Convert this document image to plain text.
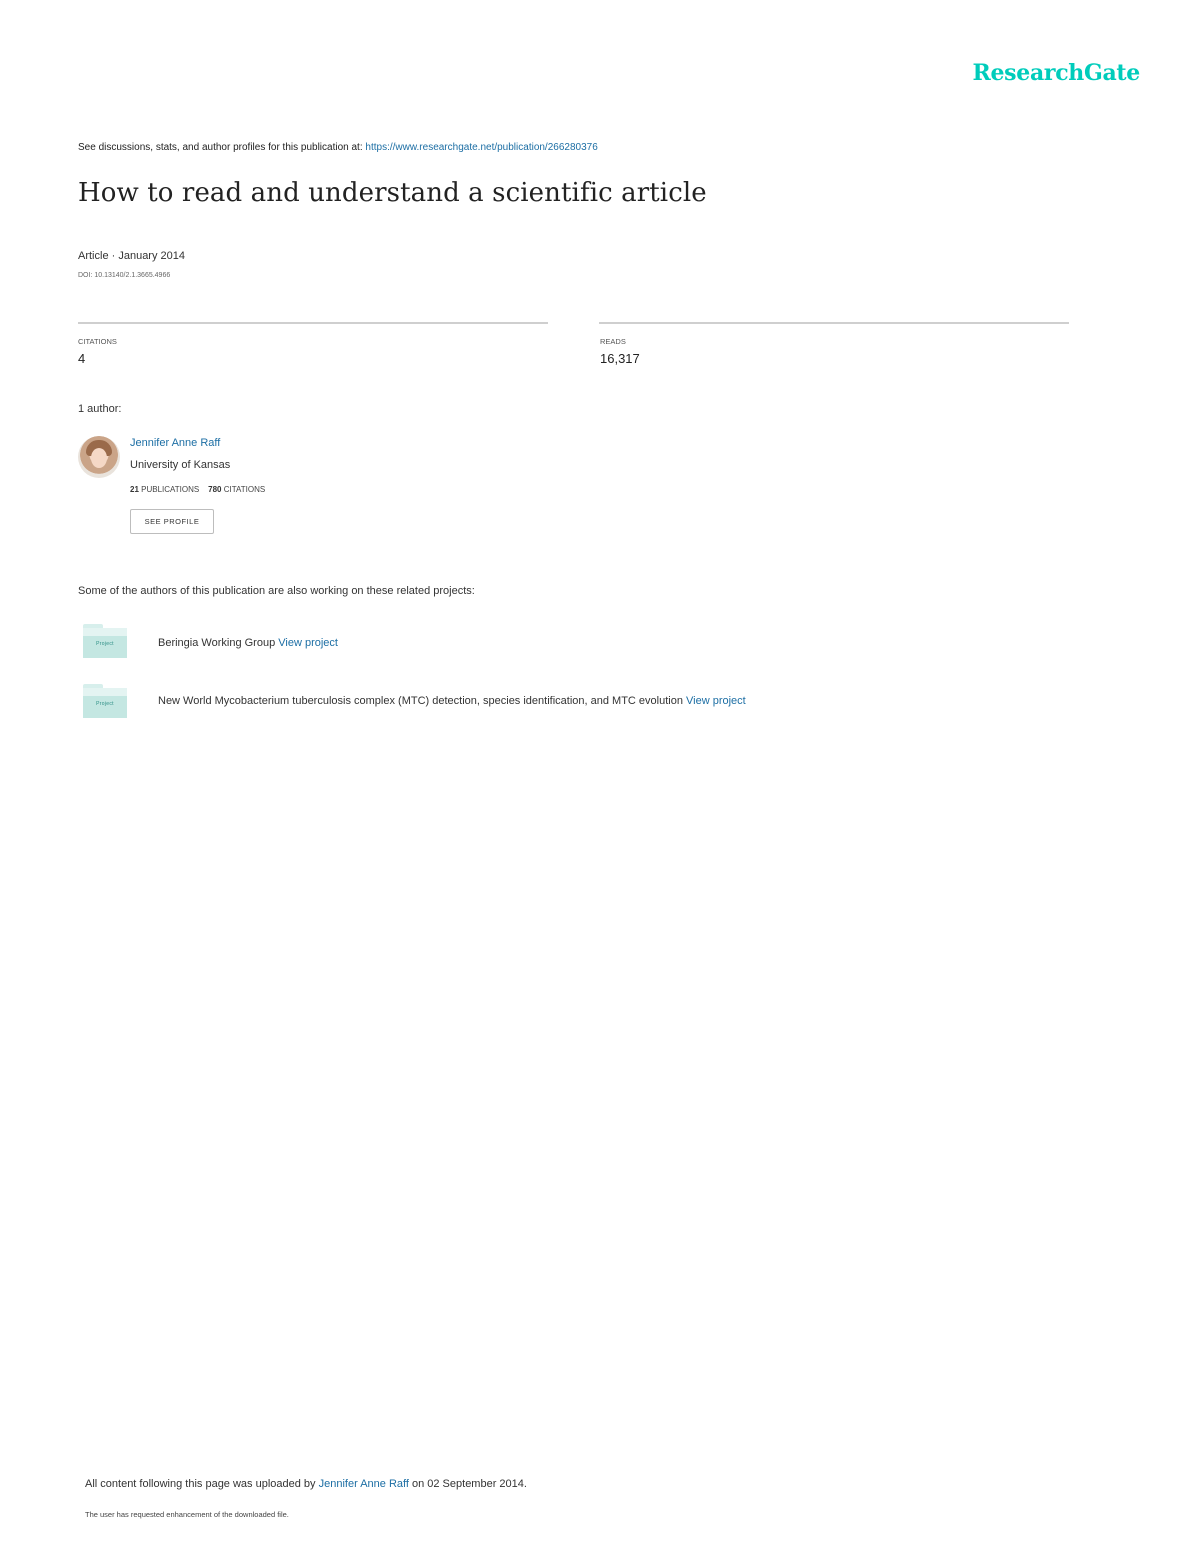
ResearchGate
See discussions, stats, and author profiles for this publication at: https://www.researchgate.net/publication/266280376
How to read and understand a scientific article
Article · January 2014
DOI: 10.13140/2.1.3665.4966
CITATIONS
4
READS
16,317
1 author:
Jennifer Anne Raff
University of Kansas
21 PUBLICATIONS 780 CITATIONS
SEE PROFILE
Some of the authors of this publication are also working on these related projects:
Project	Beringia Working Group View project
Project	New World Mycobacterium tuberculosis complex (MTC) detection, species identification, and MTC evolution View project
All content following this page was uploaded by Jennifer Anne Raff on 02 September 2014.
The user has requested enhancement of the downloaded file.
